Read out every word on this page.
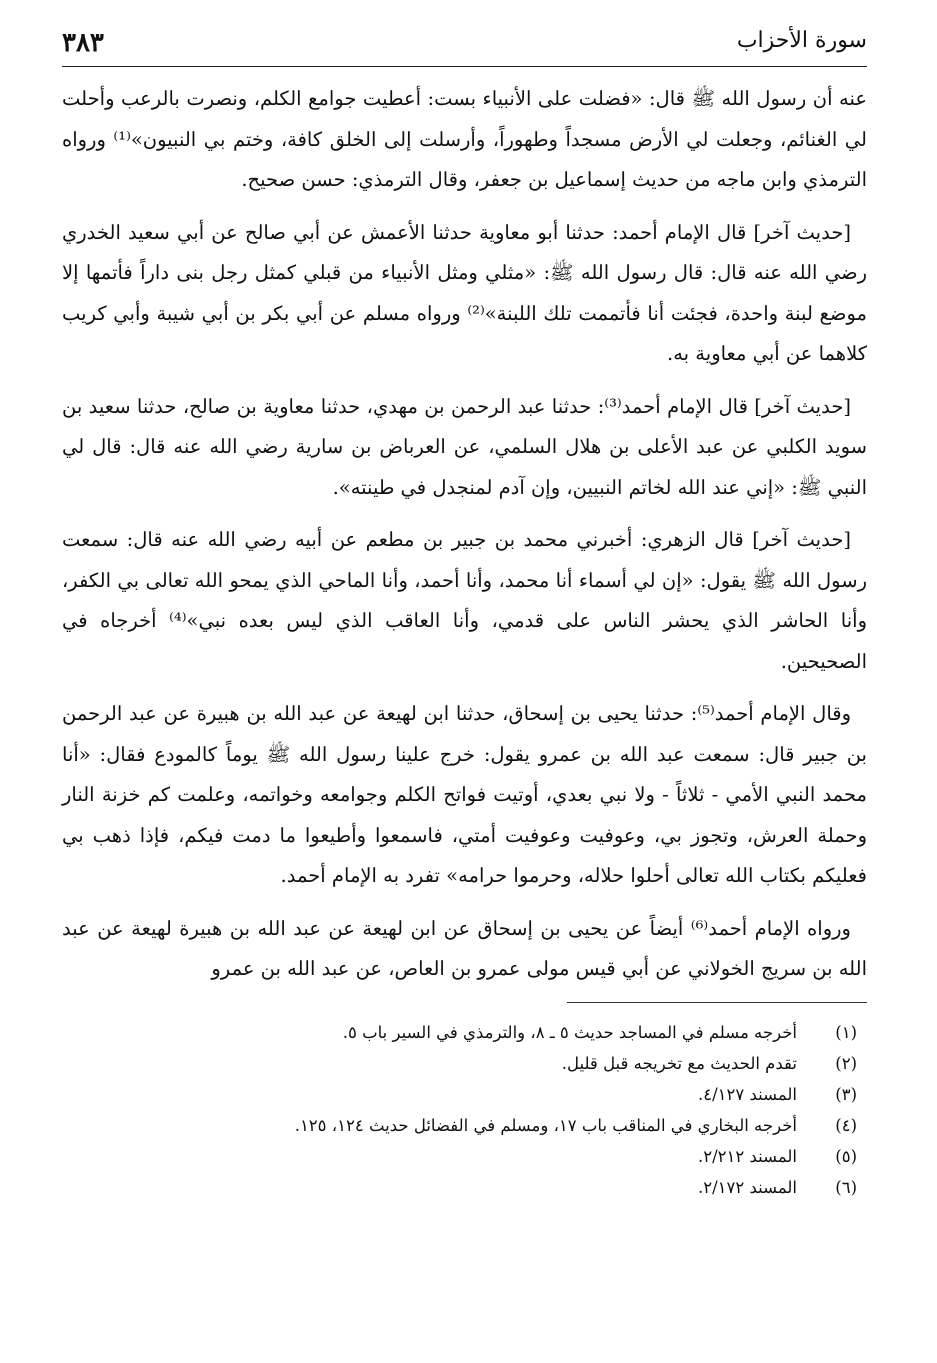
سورة الأحزاب
٣٨٣

عنه أن رسول الله ﷺ قال: «فضلت على الأنبياء بست: أعطيت جوامع الكلم، ونصرت بالرعب وأحلت لي الغنائم، وجعلت لي الأرض مسجداً وطهوراً، وأرسلت إلى الخلق كافة، وختم بي النبيون»⁽¹⁾ ورواه الترمذي وابن ماجه من حديث إسماعيل بن جعفر، وقال الترمذي: حسن صحيح.

[حديث آخر] قال الإمام أحمد: حدثنا أبو معاوية حدثنا الأعمش عن أبي صالح عن أبي سعيد الخدري رضي الله عنه قال: قال رسول الله ﷺ: «مثلي ومثل الأنبياء من قبلي كمثل رجل بنى داراً فأتمها إلا موضع لبنة واحدة، فجئت أنا فأتممت تلك اللبنة»⁽²⁾ ورواه مسلم عن أبي بكر بن أبي شيبة وأبي كريب كلاهما عن أبي معاوية به.

[حديث آخر] قال الإمام أحمد⁽³⁾: حدثنا عبد الرحمن بن مهدي، حدثنا معاوية بن صالح، حدثنا سعيد بن سويد الكلبي عن عبد الأعلى بن هلال السلمي، عن العرباض بن سارية رضي الله عنه قال: قال لي النبي ﷺ: «إني عند الله لخاتم النبيين، وإن آدم لمنجدل في طينته».

[حديث آخر] قال الزهري: أخبرني محمد بن جبير بن مطعم عن أبيه رضي الله عنه قال: سمعت رسول الله ﷺ يقول: «إن لي أسماء أنا محمد، وأنا أحمد، وأنا الماحي الذي يمحو الله تعالى بي الكفر، وأنا الحاشر الذي يحشر الناس على قدمي، وأنا العاقب الذي ليس بعده نبي»⁽⁴⁾ أخرجاه في الصحيحين.

وقال الإمام أحمد⁽⁵⁾: حدثنا يحيى بن إسحاق، حدثنا ابن لهيعة عن عبد الله بن هبيرة عن عبد الرحمن بن جبير قال: سمعت عبد الله بن عمرو يقول: خرج علينا رسول الله ﷺ يوماً كالمودع فقال: «أنا محمد النبي الأمي - ثلاثاً - ولا نبي بعدي، أوتيت فواتح الكلم وجوامعه وخواتمه، وعلمت كم خزنة النار وحملة العرش، وتجوز بي، وعوفيت وعوفيت أمتي، فاسمعوا وأطيعوا ما دمت فيكم، فإذا ذهب بي فعليكم بكتاب الله تعالى أحلوا حلاله، وحرموا حرامه» تفرد به الإمام أحمد.

ورواه الإمام أحمد⁽⁶⁾ أيضاً عن يحيى بن إسحاق عن ابن لهيعة عن عبد الله بن هبيرة لهيعة عن عبد الله بن سريج الخولاني عن أبي قيس مولى عمرو بن العاص، عن عبد الله بن عمرو

(١)
أخرجه مسلم في المساجد حديث ٥ ـ ٨، والترمذي في السير باب ٥.
(٢)
تقدم الحديث مع تخريجه قبل قليل.
(٣)
المسند ٤/١٢٧.
(٤)
أخرجه البخاري في المناقب باب ١٧، ومسلم في الفضائل حديث ١٢٤، ١٢٥.
(٥)
المسند ٢/٢١٢.
(٦)
المسند ٢/١٧٢.
